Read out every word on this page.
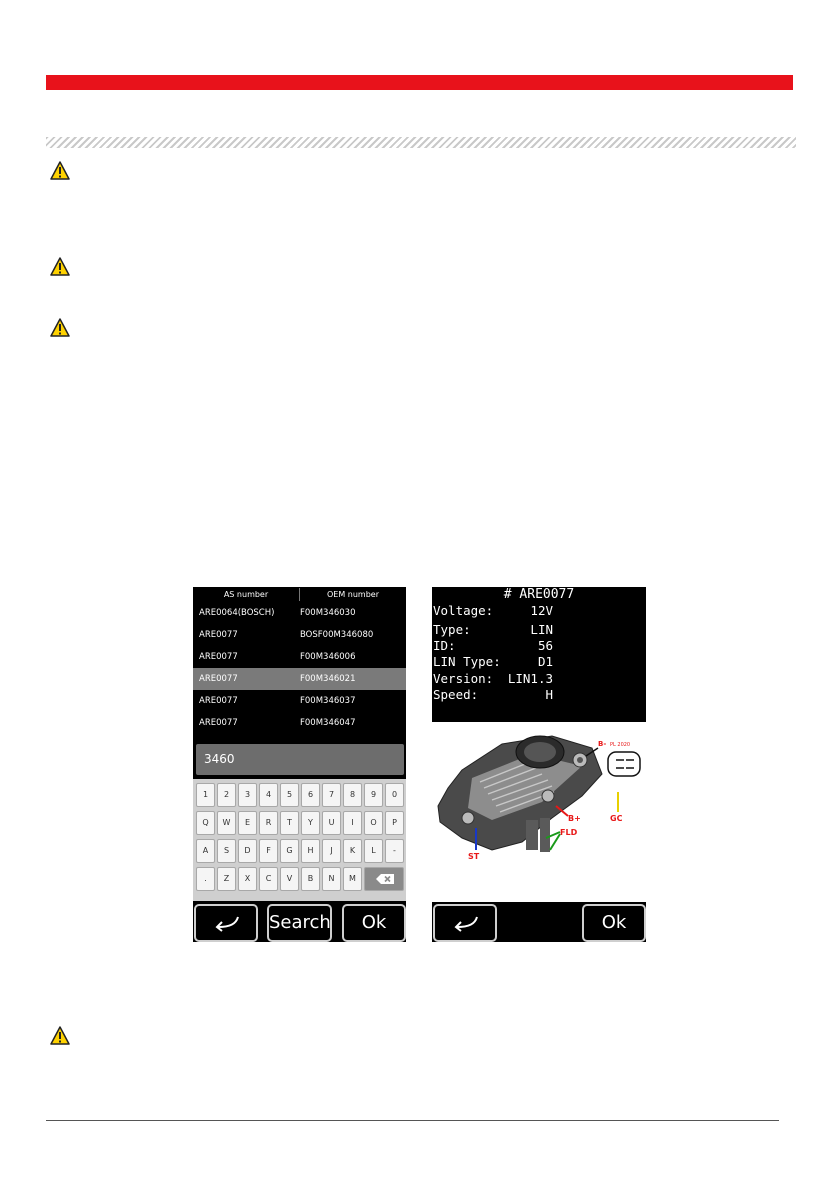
AS number	OEM number
ARE0064(BOSCH)	F00M346030
ARE0077	BOSF00M346080
ARE0077	F00M346006
ARE0077	F00M346021
ARE0077	F00M346037
ARE0077	F00M346047
3460
1	2	3	4	5	6	7	8	9	0
Q	W	E	R	T	Y	U	I	O	P
A	S	D	F	G	H	J	K	L	-
.	Z	X	C	V	B	N	M
Search	Ok
# ARE0077
Voltage:	12V
Type:	LIN
ID:	56
LIN Type:	D1
Version: LIN1.3
Speed:	H
B- PL 2020
GC
B+
FLD
ST
Ok
